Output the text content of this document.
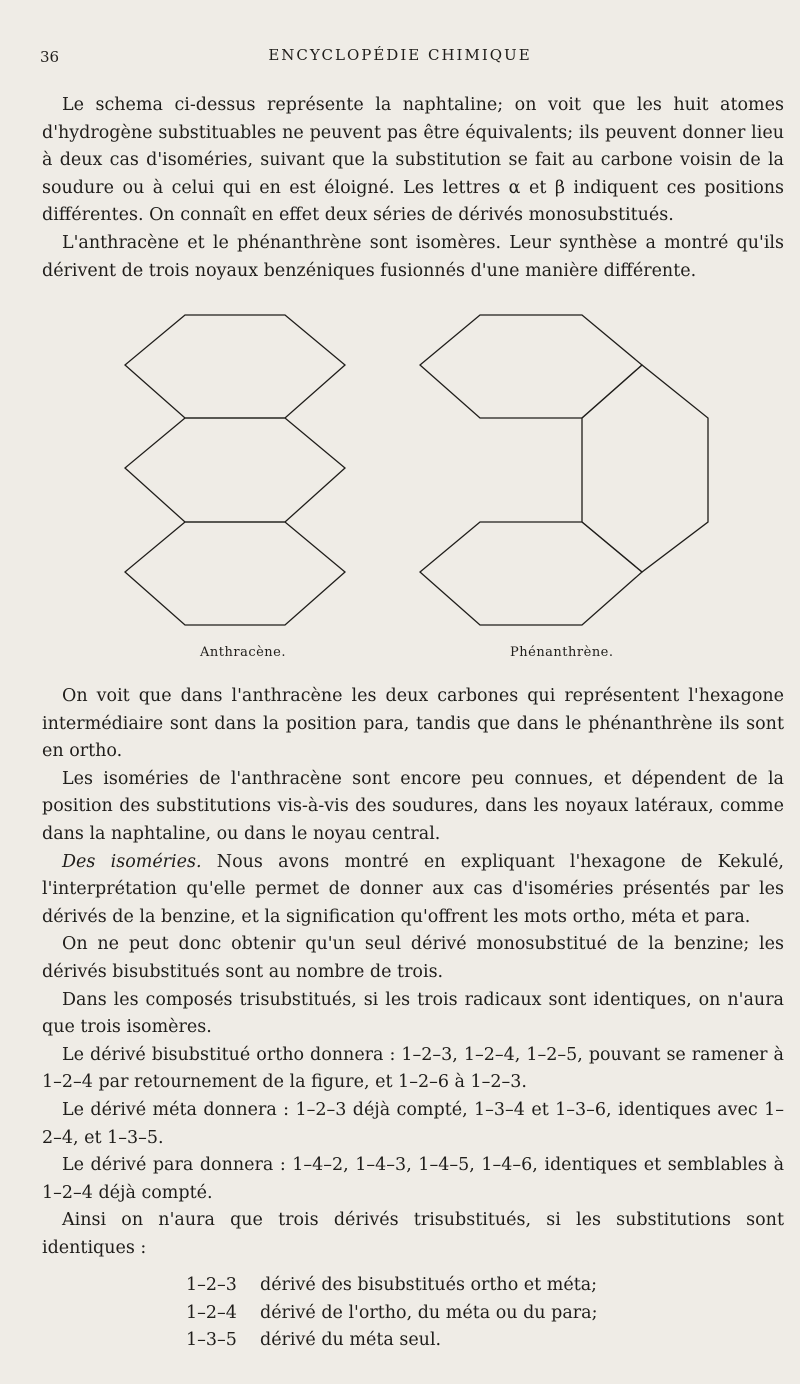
36	ENCYCLOPÉDIE CHIMIQUE

Le schema ci-dessus représente la naphtaline; on voit que les huit atomes d'hydrogène substituables ne peuvent pas être équivalents; ils peuvent donner lieu à deux cas d'isoméries, suivant que la substitution se fait au carbone voisin de la soudure ou à celui qui en est éloigné. Les lettres α et β indiquent ces positions différentes. On connaît en effet deux séries de dérivés monosubstitués.

L'anthracène et le phénanthrène sont isomères. Leur synthèse a montré qu'ils dérivent de trois noyaux benzéniques fusionnés d'une manière différente.

Anthracène.	Phénanthrène.

On voit que dans l'anthracène les deux carbones qui représentent l'hexagone intermédiaire sont dans la position para, tandis que dans le phénanthrène ils sont en ortho.

Les isoméries de l'anthracène sont encore peu connues, et dépendent de la position des substitutions vis-à-vis des soudures, dans les noyaux latéraux, comme dans la naphtaline, ou dans le noyau central.

Des isoméries. Nous avons montré en expliquant l'hexagone de Kekulé, l'interprétation qu'elle permet de donner aux cas d'isoméries présentés par les dérivés de la benzine, et la signification qu'offrent les mots ortho, méta et para.

On ne peut donc obtenir qu'un seul dérivé monosubstitué de la benzine; les dérivés bisubstitués sont au nombre de trois.

Dans les composés trisubstitués, si les trois radicaux sont identiques, on n'aura que trois isomères.

Le dérivé bisubstitué ortho donnera : 1–2–3, 1–2–4, 1–2–5, pouvant se ramener à 1–2–4 par retournement de la figure, et 1–2–6 à 1–2–3.

Le dérivé méta donnera : 1–2–3 déjà compté, 1–3–4 et 1–3–6, identiques avec 1–2–4, et 1–3–5.

Le dérivé para donnera : 1–4–2, 1–4–3, 1–4–5, 1–4–6, identiques et semblables à 1–2–4 déjà compté.

Ainsi on n'aura que trois dérivés trisubstitués, si les substitutions sont identiques :

1–2–3	dérivé des bisubstitués ortho et méta;
1–2–4	dérivé de l'ortho, du méta ou du para;
1–3–5	dérivé du méta seul.
